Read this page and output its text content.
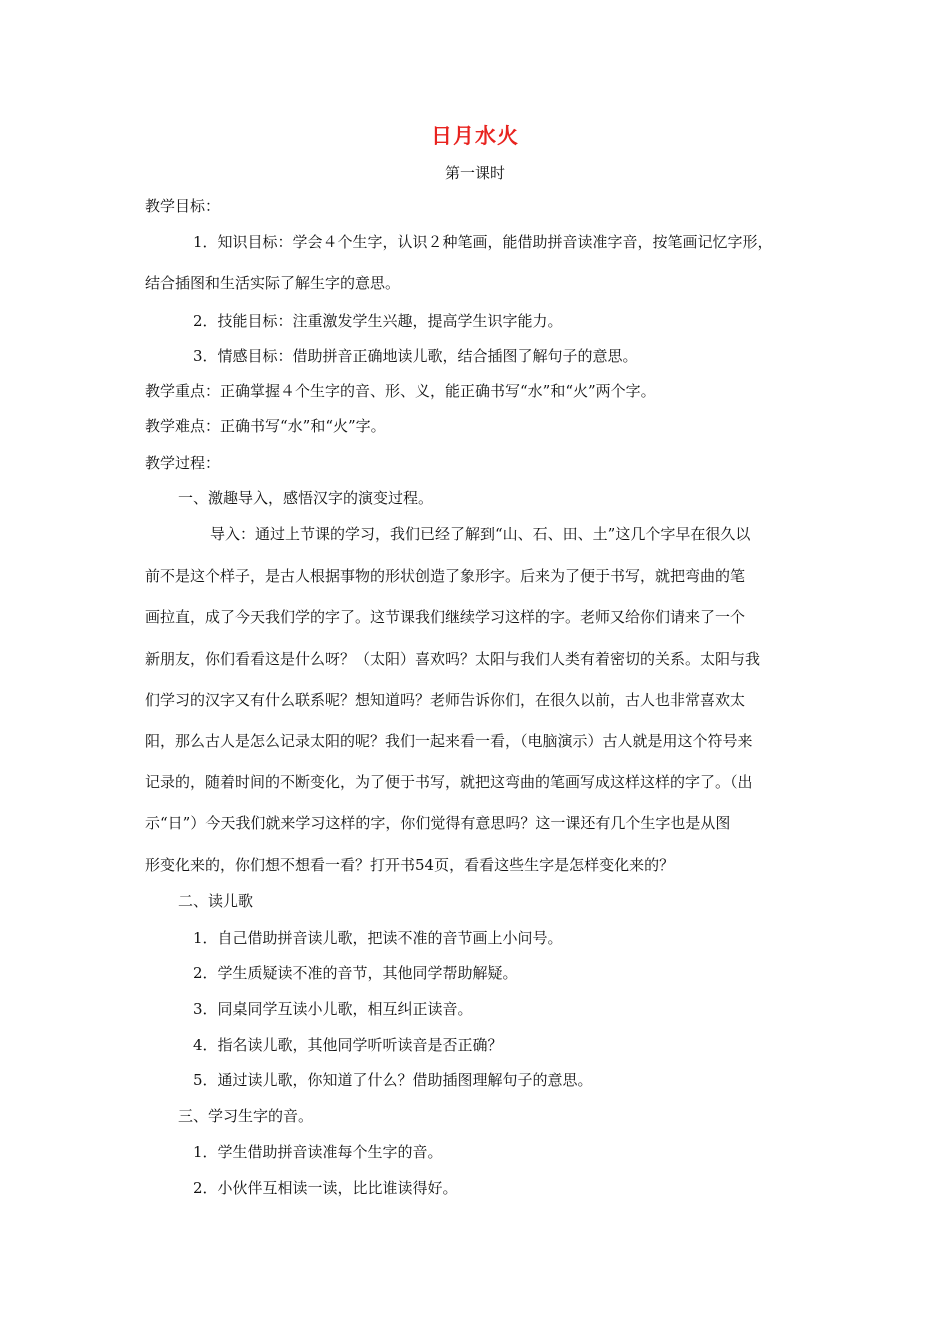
日月水火
第一课时
教学目标：
1．知识目标：学会４个生字，认识２种笔画，能借助拼音读准字音，按笔画记忆字形，
结合插图和生活实际了解生字的意思。
2．技能目标：注重激发学生兴趣，提高学生识字能力。
3．情感目标：借助拼音正确地读儿歌，结合插图了解句子的意思。
教学重点：正确掌握４个生字的音、形、义，能正确书写“水”和“火”两个字。
教学难点：正确书写“水”和“火”字。
教学过程：
一、激趣导入，感悟汉字的演变过程。
导入：通过上节课的学习，我们已经了解到“山、石、田、土”这几个字早在很久以
前不是这个样子，是古人根据事物的形状创造了象形字。后来为了便于书写，就把弯曲的笔
画拉直，成了今天我们学的字了。这节课我们继续学习这样的字。老师又给你们请来了一个
新朋友，你们看看这是什么呀？（太阳）喜欢吗？太阳与我们人类有着密切的关系。太阳与我
们学习的汉字又有什么联系呢？想知道吗？老师告诉你们，在很久以前，古人也非常喜欢太
阳，那么古人是怎么记录太阳的呢？我们一起来看一看，（电脑演示）古人就是用这个符号来
记录的，随着时间的不断变化，为了便于书写，就把这弯曲的笔画写成这样这样的字了。（出
示“日”）今天我们就来学习这样的字，你们觉得有意思吗？这一课还有几个生字也是从图
形变化来的，你们想不想看一看？打开书54页，看看这些生字是怎样变化来的？
二、读儿歌
1．自己借助拼音读儿歌，把读不准的音节画上小问号。
2．学生质疑读不准的音节，其他同学帮助解疑。
3．同桌同学互读小儿歌，相互纠正读音。
4．指名读儿歌，其他同学听听读音是否正确？
5．通过读儿歌，你知道了什么？借助插图理解句子的意思。
三、学习生字的音。
1．学生借助拼音读准每个生字的音。
2．小伙伴互相读一读，比比谁读得好。
